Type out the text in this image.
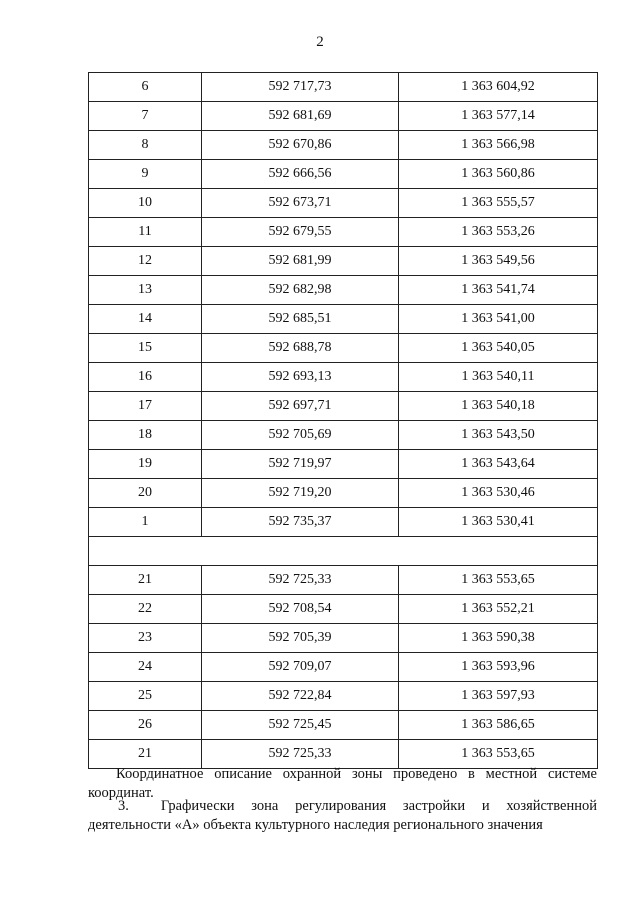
2
6	592 717,73	1 363 604,92
7	592 681,69	1 363 577,14
8	592 670,86	1 363 566,98
9	592 666,56	1 363 560,86
10	592 673,71	1 363 555,57
11	592 679,55	1 363 553,26
12	592 681,99	1 363 549,56
13	592 682,98	1 363 541,74
14	592 685,51	1 363 541,00
15	592 688,78	1 363 540,05
16	592 693,13	1 363 540,11
17	592 697,71	1 363 540,18
18	592 705,69	1 363 543,50
19	592 719,97	1 363 543,64
20	592 719,20	1 363 530,46
1	592 735,37	1 363 530,41

21	592 725,33	1 363 553,65
22	592 708,54	1 363 552,21
23	592 705,39	1 363 590,38
24	592 709,07	1 363 593,96
25	592 722,84	1 363 597,93
26	592 725,45	1 363 586,65
21	592 725,33	1 363 553,65
Координатное описание охранной зоны проведено в местной системе координат.
3. Графически зона регулирования застройки и хозяйственной деятельности «А» объекта культурного наследия регионального значения
